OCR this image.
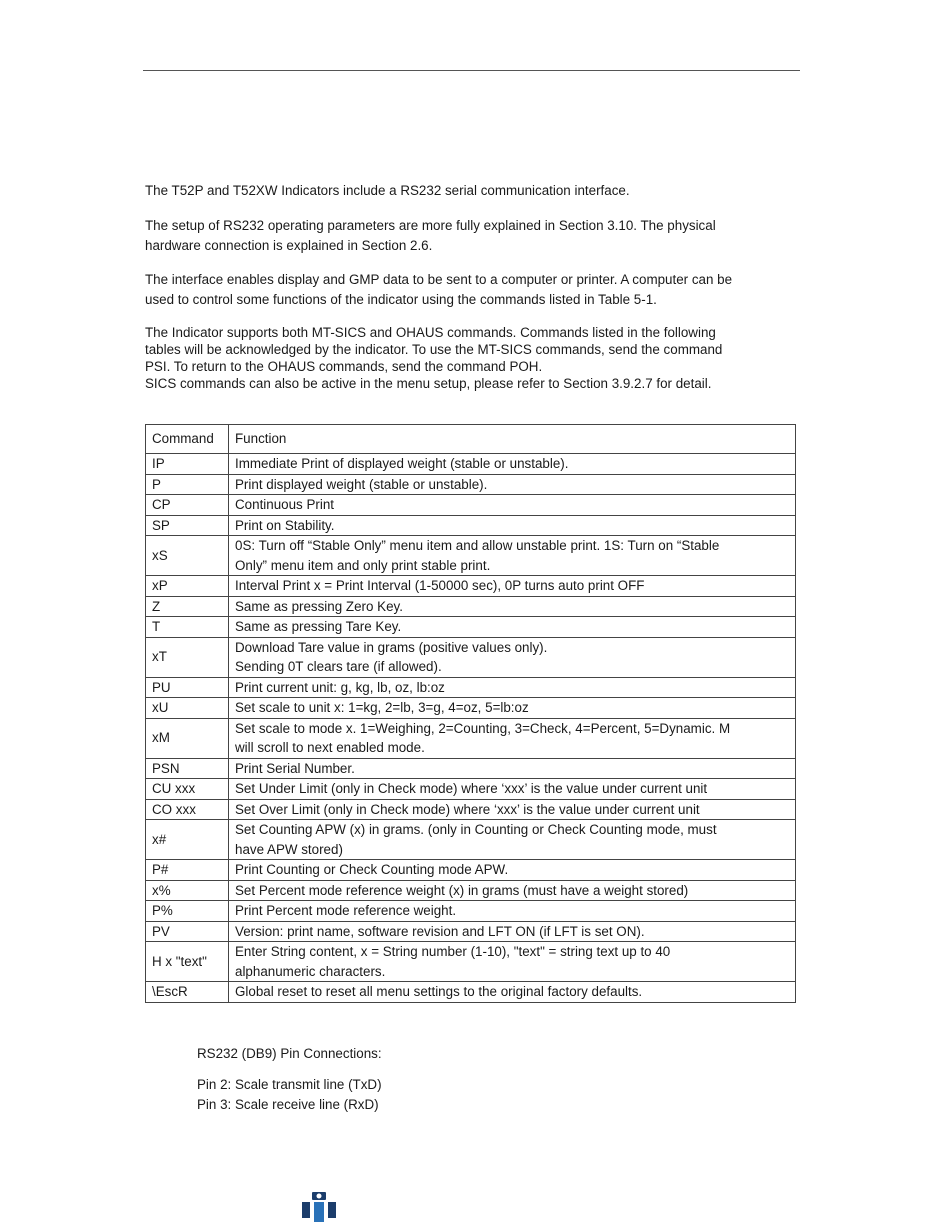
The T52P and T52XW Indicators include a RS232 serial communication interface.

The setup of RS232 operating parameters are more fully explained in Section 3.10. The physical
hardware connection is explained in Section 2.6.

The interface enables display and GMP data to be sent to a computer or printer. A computer can be
used to control some functions of the indicator using the commands listed in Table 5-1.

The Indicator supports both MT-SICS and OHAUS commands. Commands listed in the following
tables will be acknowledged by the indicator. To use the MT-SICS commands, send the command
PSI. To return to the OHAUS commands, send the command POH.
SICS commands can also be active in the menu setup, please refer to Section 3.9.2.7 for detail.

Command	Function
IP	Immediate Print of displayed weight (stable or unstable).
P	Print displayed weight (stable or unstable).
CP	Continuous Print
SP	Print on Stability.
xS	0S: Turn off “Stable Only” menu item and allow unstable print. 1S: Turn on “Stable
Only” menu item and only print stable print.
xP	Interval Print x = Print Interval (1-50000 sec), 0P turns auto print OFF
Z	Same as pressing Zero Key.
T	Same as pressing Tare Key.
xT	Download Tare value in grams (positive values only).
Sending 0T clears tare (if allowed).
PU	Print current unit: g, kg, lb, oz, lb:oz
xU	Set scale to unit x: 1=kg, 2=lb, 3=g, 4=oz, 5=lb:oz
xM	Set scale to mode x. 1=Weighing, 2=Counting, 3=Check, 4=Percent, 5=Dynamic. M
will scroll to next enabled mode.
PSN	Print Serial Number.
CU xxx	Set Under Limit (only in Check mode) where ‘xxx’ is the value under current unit
CO xxx	Set Over Limit (only in Check mode) where ‘xxx’ is the value under current unit
x#	Set Counting APW (x) in grams. (only in Counting or Check Counting mode, must
have APW stored)
P#	Print Counting or Check Counting mode APW.
x%	Set Percent mode reference weight (x) in grams (must have a weight stored)
P%	Print Percent mode reference weight.
PV	Version: print name, software revision and LFT ON (if LFT is set ON).
H x "text"	Enter String content, x = String number (1-10), "text" = string text up to 40
alphanumeric characters.
\EscR	Global reset to reset all menu settings to the original factory defaults.

RS232 (DB9) Pin Connections:

Pin 2: Scale transmit line (TxD)

Pin 3: Scale receive line (RxD)
